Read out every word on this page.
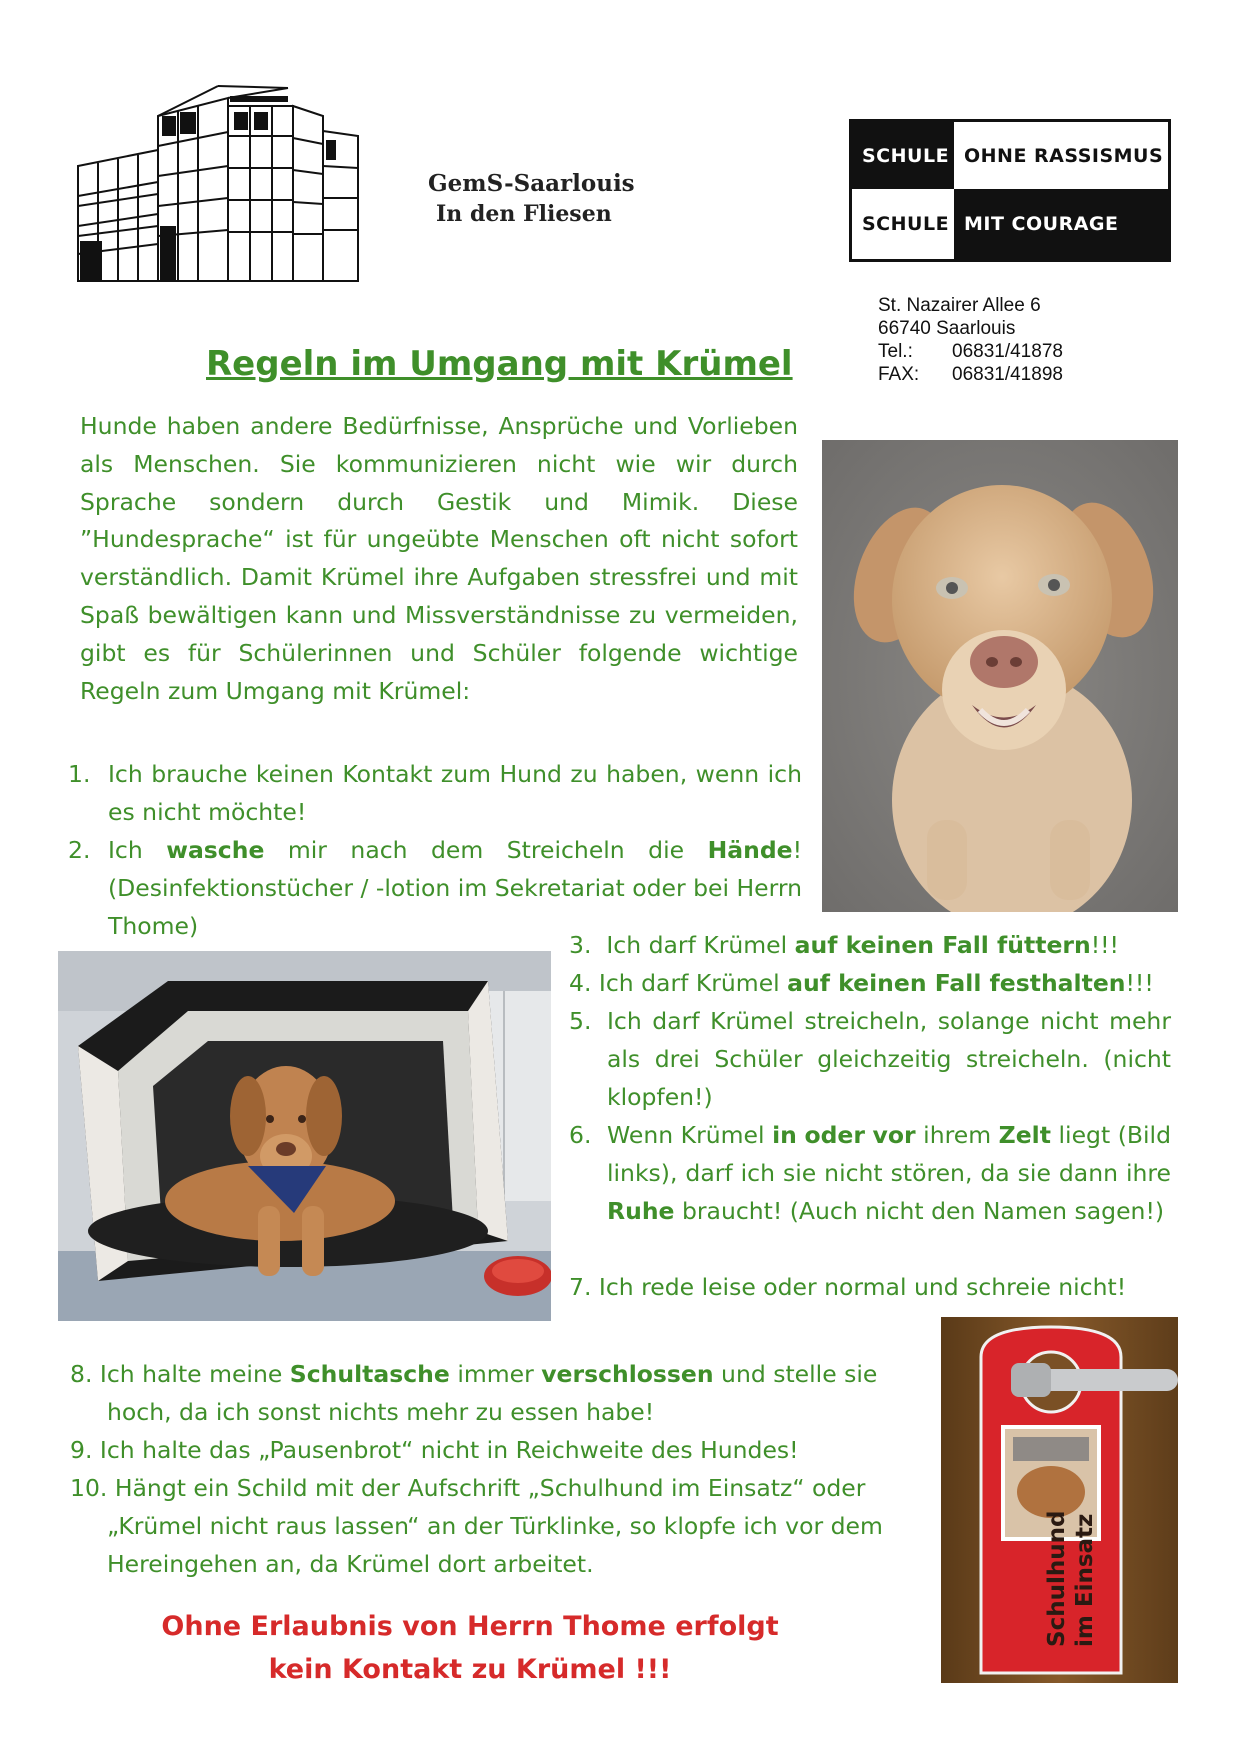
GemS-Saarlouis
In den Fliesen
SCHULE OHNE RASSISMUS
SCHULE MIT COURAGE
St. Nazairer Allee 6
66740 Saarlouis
Tel.: 06831/41878
FAX: 06831/41898
Regeln im Umgang mit Krümel
Hunde haben andere Bedürfnisse, Ansprüche und Vorlieben als Menschen. Sie kommunizieren nicht wie wir durch Sprache sondern durch Gestik und Mimik. Diese ”Hundesprache“ ist für ungeübte Menschen oft nicht sofort verständlich. Damit Krümel ihre Aufgaben stressfrei und mit Spaß bewältigen kann und Missverständnisse zu vermeiden, gibt es für Schülerinnen und Schüler folgende wichtige Regeln zum Umgang mit Krümel:
1. Ich brauche keinen Kontakt zum Hund zu haben, wenn ich es nicht möchte!
2. Ich wasche mir nach dem Streicheln die Hände! (Desinfektionstücher / -lotion im Sekretariat oder bei Herrn Thome)
3. Ich darf Krümel auf keinen Fall füttern!!!
4. Ich darf Krümel auf keinen Fall festhalten!!!
5. Ich darf Krümel streicheln, solange nicht mehr als drei Schüler gleichzeitig streicheln. (nicht klopfen!)
6. Wenn Krümel in oder vor ihrem Zelt liegt (Bild links), darf ich sie nicht stören, da sie dann ihre Ruhe braucht! (Auch nicht den Namen sagen!)
7. Ich rede leise oder normal und schreie nicht!
8. Ich halte meine Schultasche immer verschlossen und stelle sie hoch, da ich sonst nichts mehr zu essen habe!
9. Ich halte das „Pausenbrot“ nicht in Reichweite des Hundes!
10. Hängt ein Schild mit der Aufschrift „Schulhund im Einsatz“ oder „Krümel nicht raus lassen“ an der Türklinke, so klopfe ich vor dem Hereingehen an, da Krümel dort arbeitet.	Schulhund im Einsatz
Ohne Erlaubnis von Herrn Thome erfolgt
kein Kontakt zu Krümel !!!
